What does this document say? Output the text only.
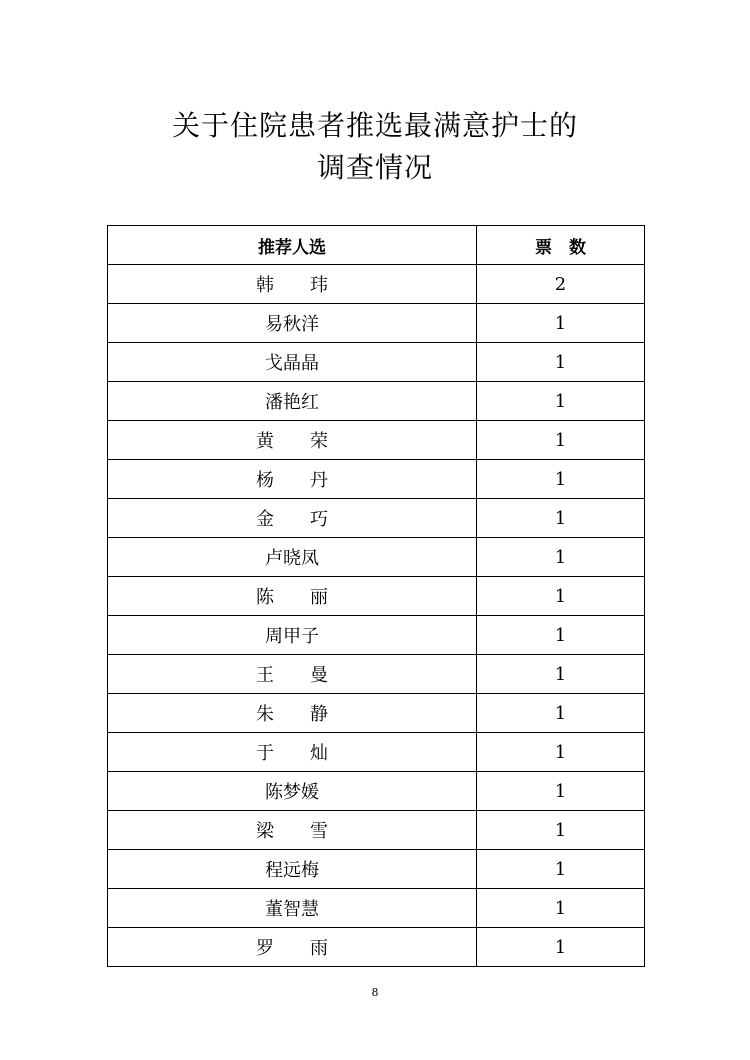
关于住院患者推选最满意护士的
调查情况
推荐人选	票　数
韩　　玮	2
易秋洋	1
戈晶晶	1
潘艳红	1
黄　　荣	1
杨　　丹	1
金　　巧	1
卢晓凤	1
陈　　丽	1
周甲子	1
王　　曼	1
朱　　静	1
于　　灿	1
陈梦媛	1
梁　　雪	1
程远梅	1
董智慧	1
罗　　雨	1
8
